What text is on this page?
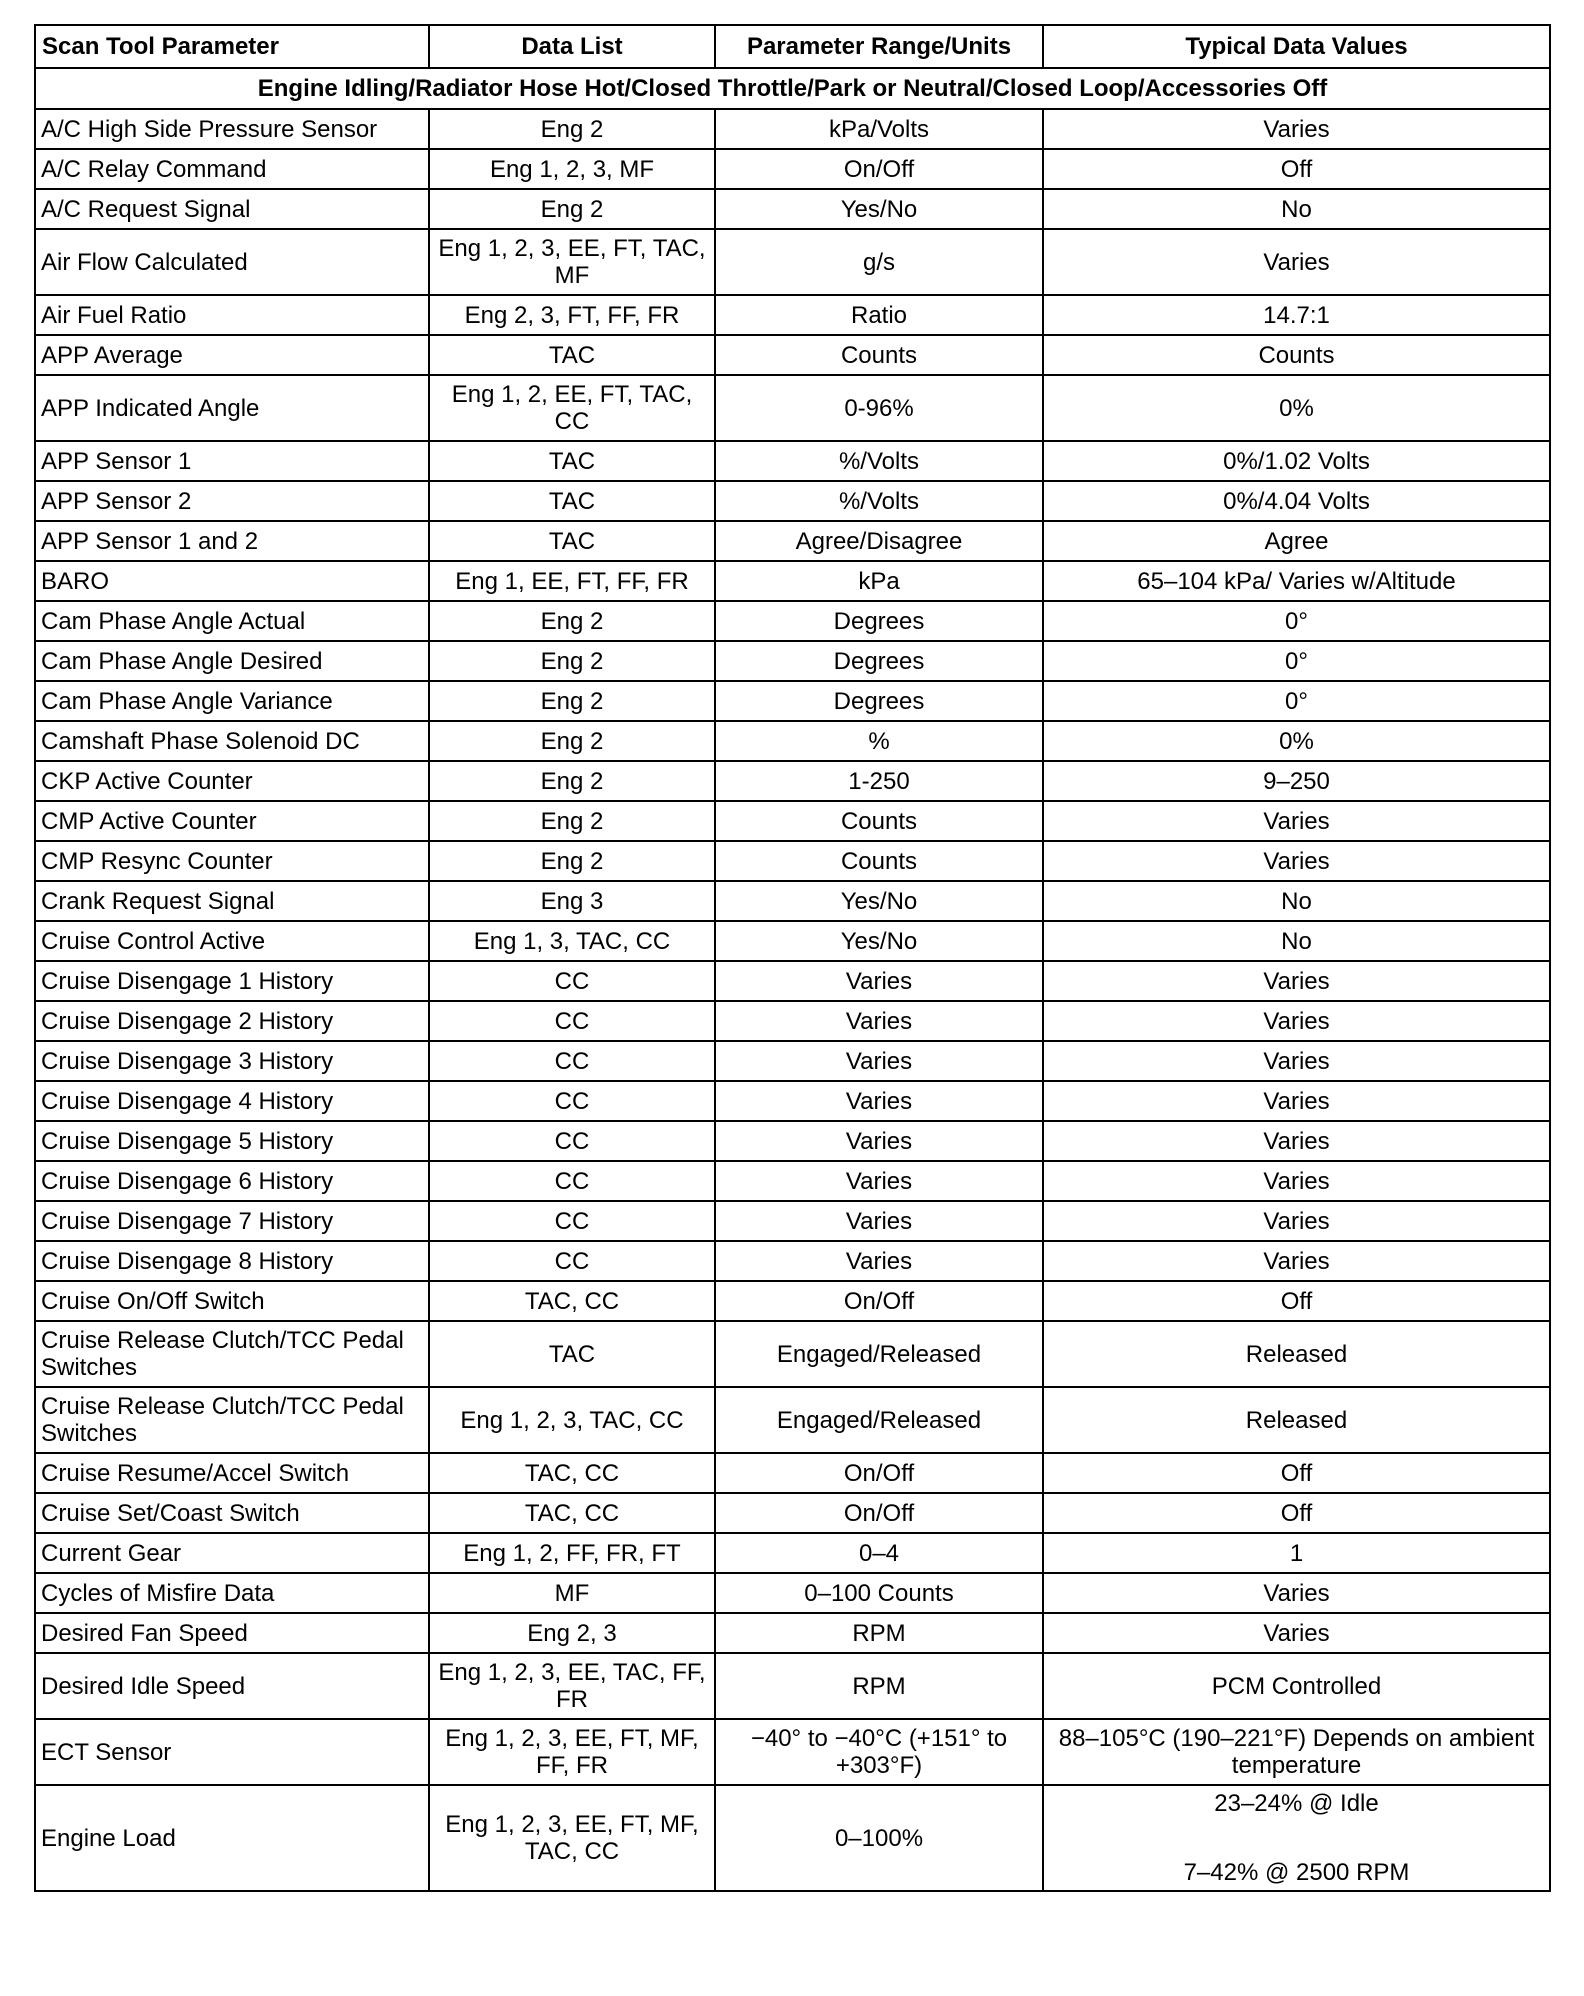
Scan Tool Parameter	Data List	Parameter Range/Units	Typical Data Values
Engine Idling/Radiator Hose Hot/Closed Throttle/Park or Neutral/Closed Loop/Accessories Off			
A/C High Side Pressure Sensor	Eng 2	kPa/Volts	Varies
A/C Relay Command	Eng 1, 2, 3, MF	On/Off	Off
A/C Request Signal	Eng 2	Yes/No	No
Air Flow Calculated	Eng 1, 2, 3, EE, FT, TAC, MF	g/s	Varies
Air Fuel Ratio	Eng 2, 3, FT, FF, FR	Ratio	14.7:1
APP Average	TAC	Counts	Counts
APP Indicated Angle	Eng 1, 2, EE, FT, TAC, CC	0-96%	0%
APP Sensor 1	TAC	%/Volts	0%/1.02 Volts
APP Sensor 2	TAC	%/Volts	0%/4.04 Volts
APP Sensor 1 and 2	TAC	Agree/Disagree	Agree
BARO	Eng 1, EE, FT, FF, FR	kPa	65–104 kPa/ Varies w/Altitude
Cam Phase Angle Actual	Eng 2	Degrees	0°
Cam Phase Angle Desired	Eng 2	Degrees	0°
Cam Phase Angle Variance	Eng 2	Degrees	0°
Camshaft Phase Solenoid DC	Eng 2	%	0%
CKP Active Counter	Eng 2	1-250	9–250
CMP Active Counter	Eng 2	Counts	Varies
CMP Resync Counter	Eng 2	Counts	Varies
Crank Request Signal	Eng 3	Yes/No	No
Cruise Control Active	Eng 1, 3, TAC, CC	Yes/No	No
Cruise Disengage 1 History	CC	Varies	Varies
Cruise Disengage 2 History	CC	Varies	Varies
Cruise Disengage 3 History	CC	Varies	Varies
Cruise Disengage 4 History	CC	Varies	Varies
Cruise Disengage 5 History	CC	Varies	Varies
Cruise Disengage 6 History	CC	Varies	Varies
Cruise Disengage 7 History	CC	Varies	Varies
Cruise Disengage 8 History	CC	Varies	Varies
Cruise On/Off Switch	TAC, CC	On/Off	Off
Cruise Release Clutch/TCC Pedal Switches	TAC	Engaged/Released	Released
Cruise Release Clutch/TCC Pedal Switches	Eng 1, 2, 3, TAC, CC	Engaged/Released	Released
Cruise Resume/Accel Switch	TAC, CC	On/Off	Off
Cruise Set/Coast Switch	TAC, CC	On/Off	Off
Current Gear	Eng 1, 2, FF, FR, FT	0–4	1
Cycles of Misfire Data	MF	0–100 Counts	Varies
Desired Fan Speed	Eng 2, 3	RPM	Varies
Desired Idle Speed	Eng 1, 2, 3, EE, TAC, FF, FR	RPM	PCM Controlled
ECT Sensor	Eng 1, 2, 3, EE, FT, MF, FF, FR	−40° to −40°C (+151° to +303°F)	88–105°C (190–221°F) Depends on ambient temperature
Engine Load	Eng 1, 2, 3, EE, FT, MF, TAC, CC	0–100%	23–24% @ Idle
7–42% @ 2500 RPM
